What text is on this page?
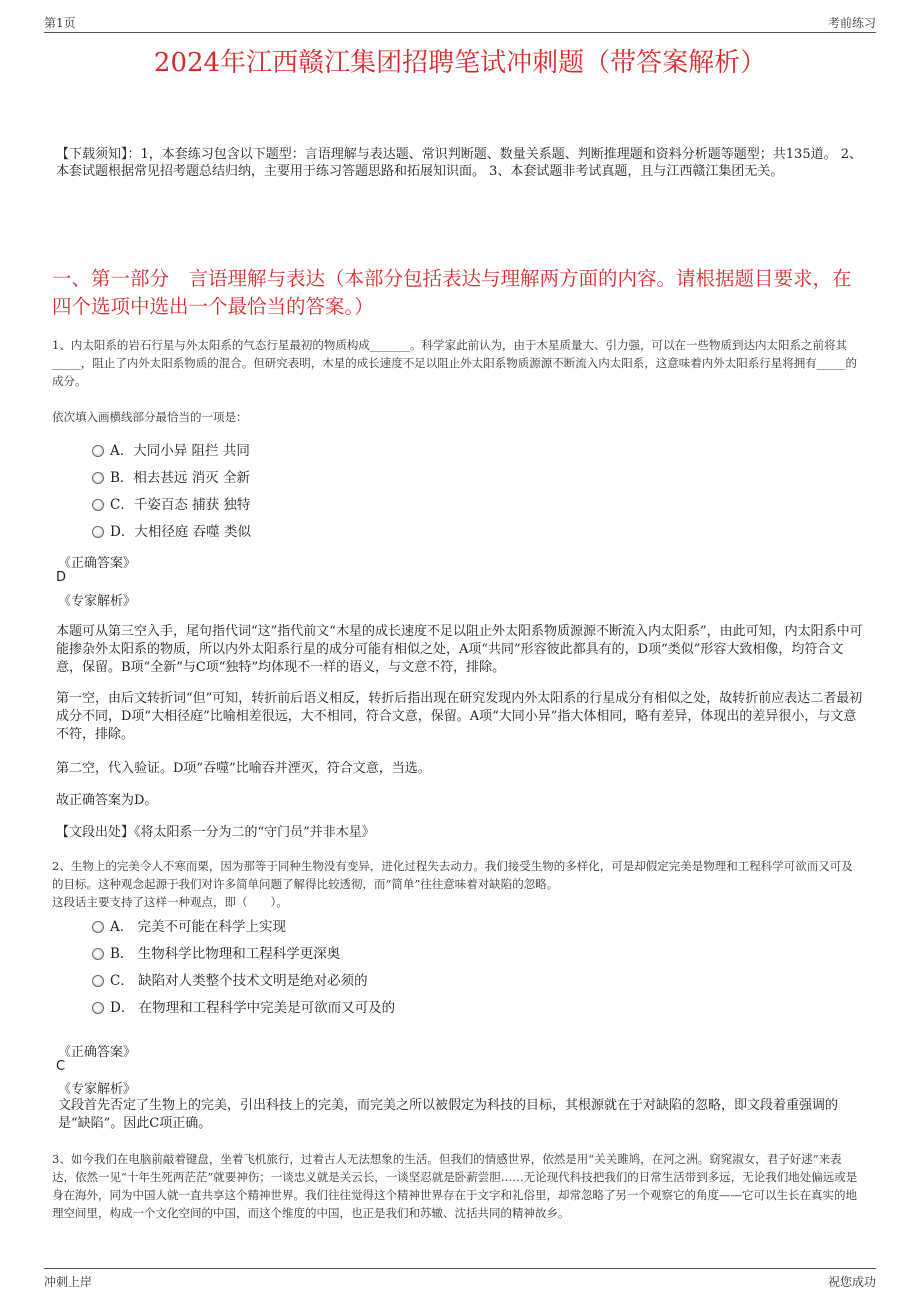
第1页	考前练习
2024年江西赣江集团招聘笔试冲刺题（带答案解析）
【下载须知】：1，本套练习包含以下题型：言语理解与表达题、常识判断题、数量关系题、判断推理题和资料分析题等题型；共135道。 2、本套试题根据常见招考题总结归纳，主要用于练习答题思路和拓展知识面。 3、本套试题非考试真题，且与江西赣江集团无关。
一、第一部分　言语理解与表达（本部分包括表达与理解两方面的内容。请根据题目要求，在四个选项中选出一个最恰当的答案。）
1、内太阳系的岩石行星与外太阳系的气态行星最初的物质构成_______。科学家此前认为，由于木星质量大、引力强，可以在一些物质到达内太阳系之前将其_____，阻止了内外太阳系物质的混合。但研究表明，木星的成长速度不足以阻止外太阳系物质源源不断流入内太阳系，这意味着内外太阳系行星将拥有_____的成分。
依次填入画横线部分最恰当的一项是：
A．大同小异 阻拦 共同
B．相去甚远 消灭 全新
C．千姿百态 捕获 独特
D．大相径庭 吞噬 类似
《正确答案》
D
《专家解析》
本题可从第三空入手，尾句指代词“这”指代前文“木星的成长速度不足以阻止外太阳系物质源源不断流入内太阳系”，由此可知，内太阳系中可能掺杂外太阳系的物质，所以内外太阳系行星的成分可能有相似之处，A项“共同”形容彼此都具有的，D项“类似”形容大致相像，均符合文意，保留。B项“全新”与C项“独特”均体现不一样的语义，与文意不符，排除。
第一空，由后文转折词“但”可知，转折前后语义相反，转折后指出现在研究发现内外太阳系的行星成分有相似之处，故转折前应表达二者最初成分不同，D项“大相径庭”比喻相差很远，大不相同，符合文意，保留。A项“大同小异”指大体相同，略有差异，体现出的差异很小，与文意不符，排除。
第二空，代入验证。D项“吞噬”比喻吞并湮灭，符合文意，当选。
故正确答案为D。
【文段出处】《将太阳系一分为二的“守门员”并非木星》
2、生物上的完美令人不寒而栗，因为那等于同种生物没有变异，进化过程失去动力。我们接受生物的多样化，可是却假定完美是物理和工程科学可欲而又可及的目标。这种观念起源于我们对许多简单问题了解得比较透彻，而“简单”往往意味着对缺陷的忽略。
这段话主要支持了这样一种观点，即（　　）。
A． 完美不可能在科学上实现
B． 生物科学比物理和工程科学更深奥
C． 缺陷对人类整个技术文明是绝对必须的
D． 在物理和工程科学中完美是可欲而又可及的
《正确答案》
C
《专家解析》
文段首先否定了生物上的完美，引出科技上的完美，而完美之所以被假定为科技的目标，其根源就在于对缺陷的忽略，即文段着重强调的是“缺陷”。因此C项正确。
3、如今我们在电脑前敲着键盘，坐着飞机旅行，过着古人无法想象的生活。但我们的情感世界，依然是用“关关雎鸠，在河之洲。窈窕淑女，君子好逑”来表达，依然一见“十年生死两茫茫”就要神伤；一谈忠义就是关云长，一谈坚忍就是卧薪尝胆……无论现代科技把我们的日常生活带到多远，无论我们地处偏远或是身在海外，同为中国人就一直共享这个精神世界。我们往往觉得这个精神世界存在于文字和礼俗里，却常忽略了另一个观察它的角度——它可以生长在真实的地理空间里，构成一个文化空间的中国，而这个维度的中国，也正是我们和苏辙、沈括共同的精神故乡。
冲刺上岸	祝您成功
